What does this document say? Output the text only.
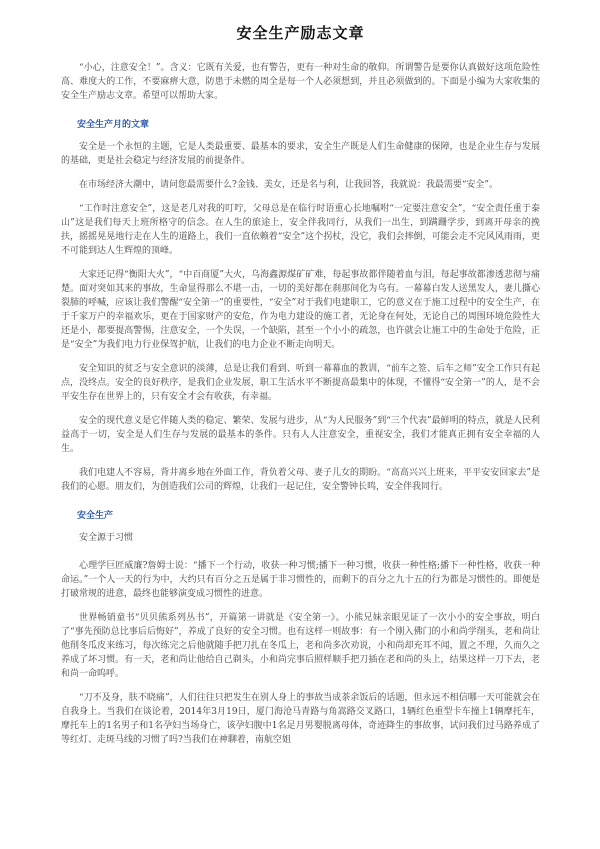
安全生产励志文章

“小心，注意安全！”。含义：它既有关爱，也有警告，更有一种对生命的敬仰。所谓警告是要你认真做好这项危险性高、难度大的工作，不要麻痹大意，防患于未燃的周全是每一个人必须想到，并且必须做到的。下面是小编为大家收集的安全生产励志文章。希望可以帮助大家。

安全生产月的文章

安全是一个永恒的主题，它是人类最重要、最基本的要求，安全生产既是人们生命健康的保障，也是企业生存与发展的基础，更是社会稳定与经济发展的前提条件。

在市场经济大潮中，请问您最需要什么?金钱、美女，还是名与利，让我回答，我就说：我最需要“安全”。

“工作时注意安全”，这是老几对我的叮咛，父母总是在临行时语重心长地嘱咐“一定要注意安全”，“安全责任重于泰山”这是我们每天上班所格守的信念。在人生的旅途上，安全伴我同行，从我们一出生，到蹒跚学步，到离开母亲的挽扶，摇摇晃晃地行走在人生的道路上，我们一直依赖着“安全”这个拐杖，没它，我们会摔倒，可能会走不完风风雨雨，更不可能到达人生辉煌的顶峰。

大家还记得“衡阳大火”，“中百商厦”大火，乌海鑫源煤矿矿难，每起事故都伴随着血与泪，每起事故都渗透悲彻与痛楚。面对突如其来的事故，生命显得那么不堪一击，一切的美好都在刹那间化为乌有。一幕幕白发人送黑发人，妻儿撕心裂肺的呼喊，应该让我们警醒“安全第一”的重要性，“安全”对于我们电建职工，它的意义在于施工过程中的安全生产，在于千家万户的幸福欢乐，更在于国家财产的安危，作为电力建设的施工者，无论身在何处，无论自己的周围环境危险性大还是小，都要提高警惕，注意安全，一个失误，一个缺陷，甚至一个小小的疏忽，也许就会让施工中的生命处于危险，正是“安全”为我们电力行业保驾护航，让我们的电力企业不断走向明天。

安全知识的贫乏与安全意识的淡薄，总是让我们看到、听到一幕幕血的教训，“前车之签、后车之师”安全工作只有起点，没终点。安全的良好秩序，是我们企业发展，职工生活水平不断提高最集中的体现，不懂得“安全第一”的人，是不会平安生存在世界上的，只有安全才会有收获，有幸福。

安全的现代意义是它伴随人类的稳定、繁荣、发展与进步，从“为人民服务”到“三个代表”最鲜明的特点，就是人民利益高于一切，安全是人们生存与发展的最基本的条件。只有人人注意安全，重视安全，我们才能真正拥有安全幸福的人生。

我们电建人不容易，背井离乡地在外面工作，背负着父母、妻子儿女的期盼。“高高兴兴上班来，平平安安回家去”是我们的心愿。朋友们，为创造我们公司的辉煌，让我们一起记住，安全警钟长鸣，安全伴我同行。

安全生产

安全源于习惯

心理学巨匠威廉?詹姆士说：“播下一个行动，收获一种习惯;播下一种习惯，收获一种性格;播下一种性格，收获一种命运。”一个人一天的行为中，大约只有百分之五是属于非习惯性的，而剩下的百分之九十五的行为都是习惯性的。即便是打破常规的进意，最终也能够演变成习惯性的进意。

世界畅销童书“贝贝熊系列丛书”，开篇第一讲就是《安全第一》。小熊兄妹亲眼见证了一次小小的安全事故，明白了“事先预防总比事后后悔好”，养成了良好的安全习惯。也有这样一则故事：有一个刚入佛门的小和尚学削头，老和尚让他削冬瓜皮来练习，每次练完之后他就随手把刀扎在冬瓜上，老和尚多次劝说，小和尚却充耳不闻，置之不理，久而久之养成了坏习惯。有一天，老和尚让他给自己剃头，小和尚完事后照样顺手把刀插在老和尚的头上，结果这样一刀下去，老和尚一命呜呼。

“刀不及身，肤不晓痛”，人们往往只把发生在别人身上的事故当成茶余饭后的话题，但永远不相信哪一天可能就会在自我身上。当我们在谈论着，2014年3月19日，厦门海沧马青路与角嵩路交叉路口，1辆红色重型卡车撞上1辆摩托车，摩托车上的1名男子和1名孕妇当场身亡，该孕妇腹中1名足月男婴脱离母体，奇迹降生的事故事，试问我们过马路养成了等红灯、走斑马线的习惯了吗?当我们在神聊着，南航空姐
